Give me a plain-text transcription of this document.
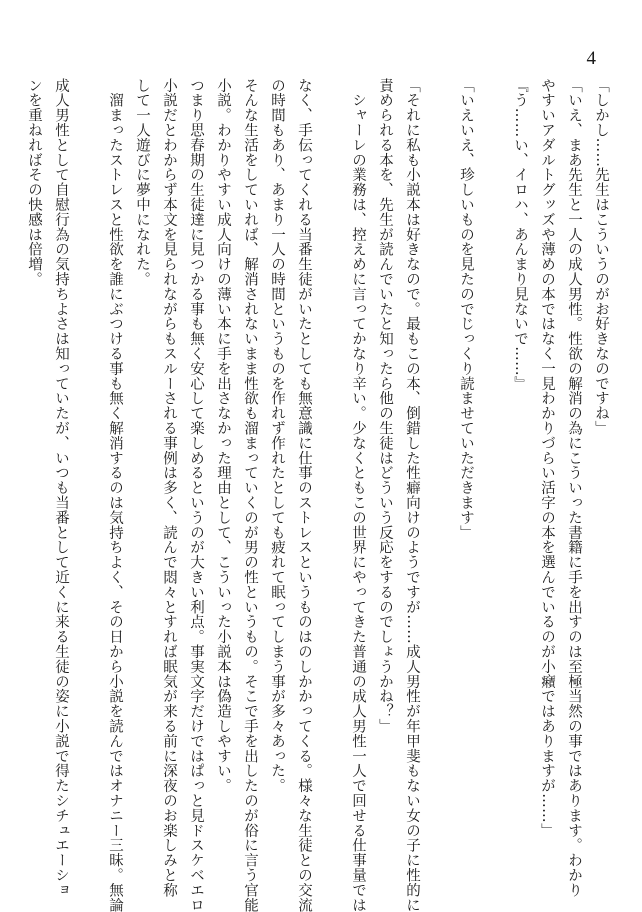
4

「しかし……先生はこういうのがお好きなのですね」

「いえ、まあ先生と一人の成人男性。性欲の解消の為にこういった書籍に手を出すのは至極当然の事ではあります。わかり

やすいアダルトグッズや薄めの本ではなく一見わかりづらい活字の本を選んでいるのが小癪ではありますが……」

『う……い、イロハ、あんまり見ないで……』

「いえいえ、珍しいものを見たのでじっくり読ませていただきます」

「それに私も小説本は好きなので。最もこの本、倒錯した性癖向けのようですが……成人男性が年甲斐もない女の子に性的に

責められる本を、先生が読んでいたと知ったら他の生徒はどういう反応をするのでしょうかね？」

　シャーレの業務は、控えめに言ってかなり辛い。少なくともこの世界にやってきた普通の成人男性一人で回せる仕事量では

なく、手伝ってくれる当番生徒がいたとしても無意識に仕事のストレスというものはのしかかってくる。様々な生徒との交流

の時間もあり、あまり一人の時間というものを作れず作れたとしても疲れて眠ってしまう事が多々あった。

そんな生活をしていれば、解消されないまま性欲も溜まっていくのが男の性というもの。そこで手を出したのが俗に言う官能

小説。わかりやすい成人向けの薄い本に手を出さなかった理由として、こういった小説本は偽造しやすい。

つまり思春期の生徒達に見つかる事も無く安心して楽しめるというのが大きい利点。事実文字だけではぱっと見ドスケベエロ

小説だとわからず本文を見られながらもスルーされる事例は多く、読んで悶々とすれば眠気が来る前に深夜のお楽しみと称

して一人遊びに夢中になれた。

　溜まったストレスと性欲を誰にぶつける事も無く解消するのは気持ちよく、その日から小説を読んではオナニー三昧。無論

成人男性として自慰行為の気持ちよさは知っていたが、いつも当番として近くに来る生徒の姿に小説で得たシチュエーショ

ンを重ねればその快感は倍増。
